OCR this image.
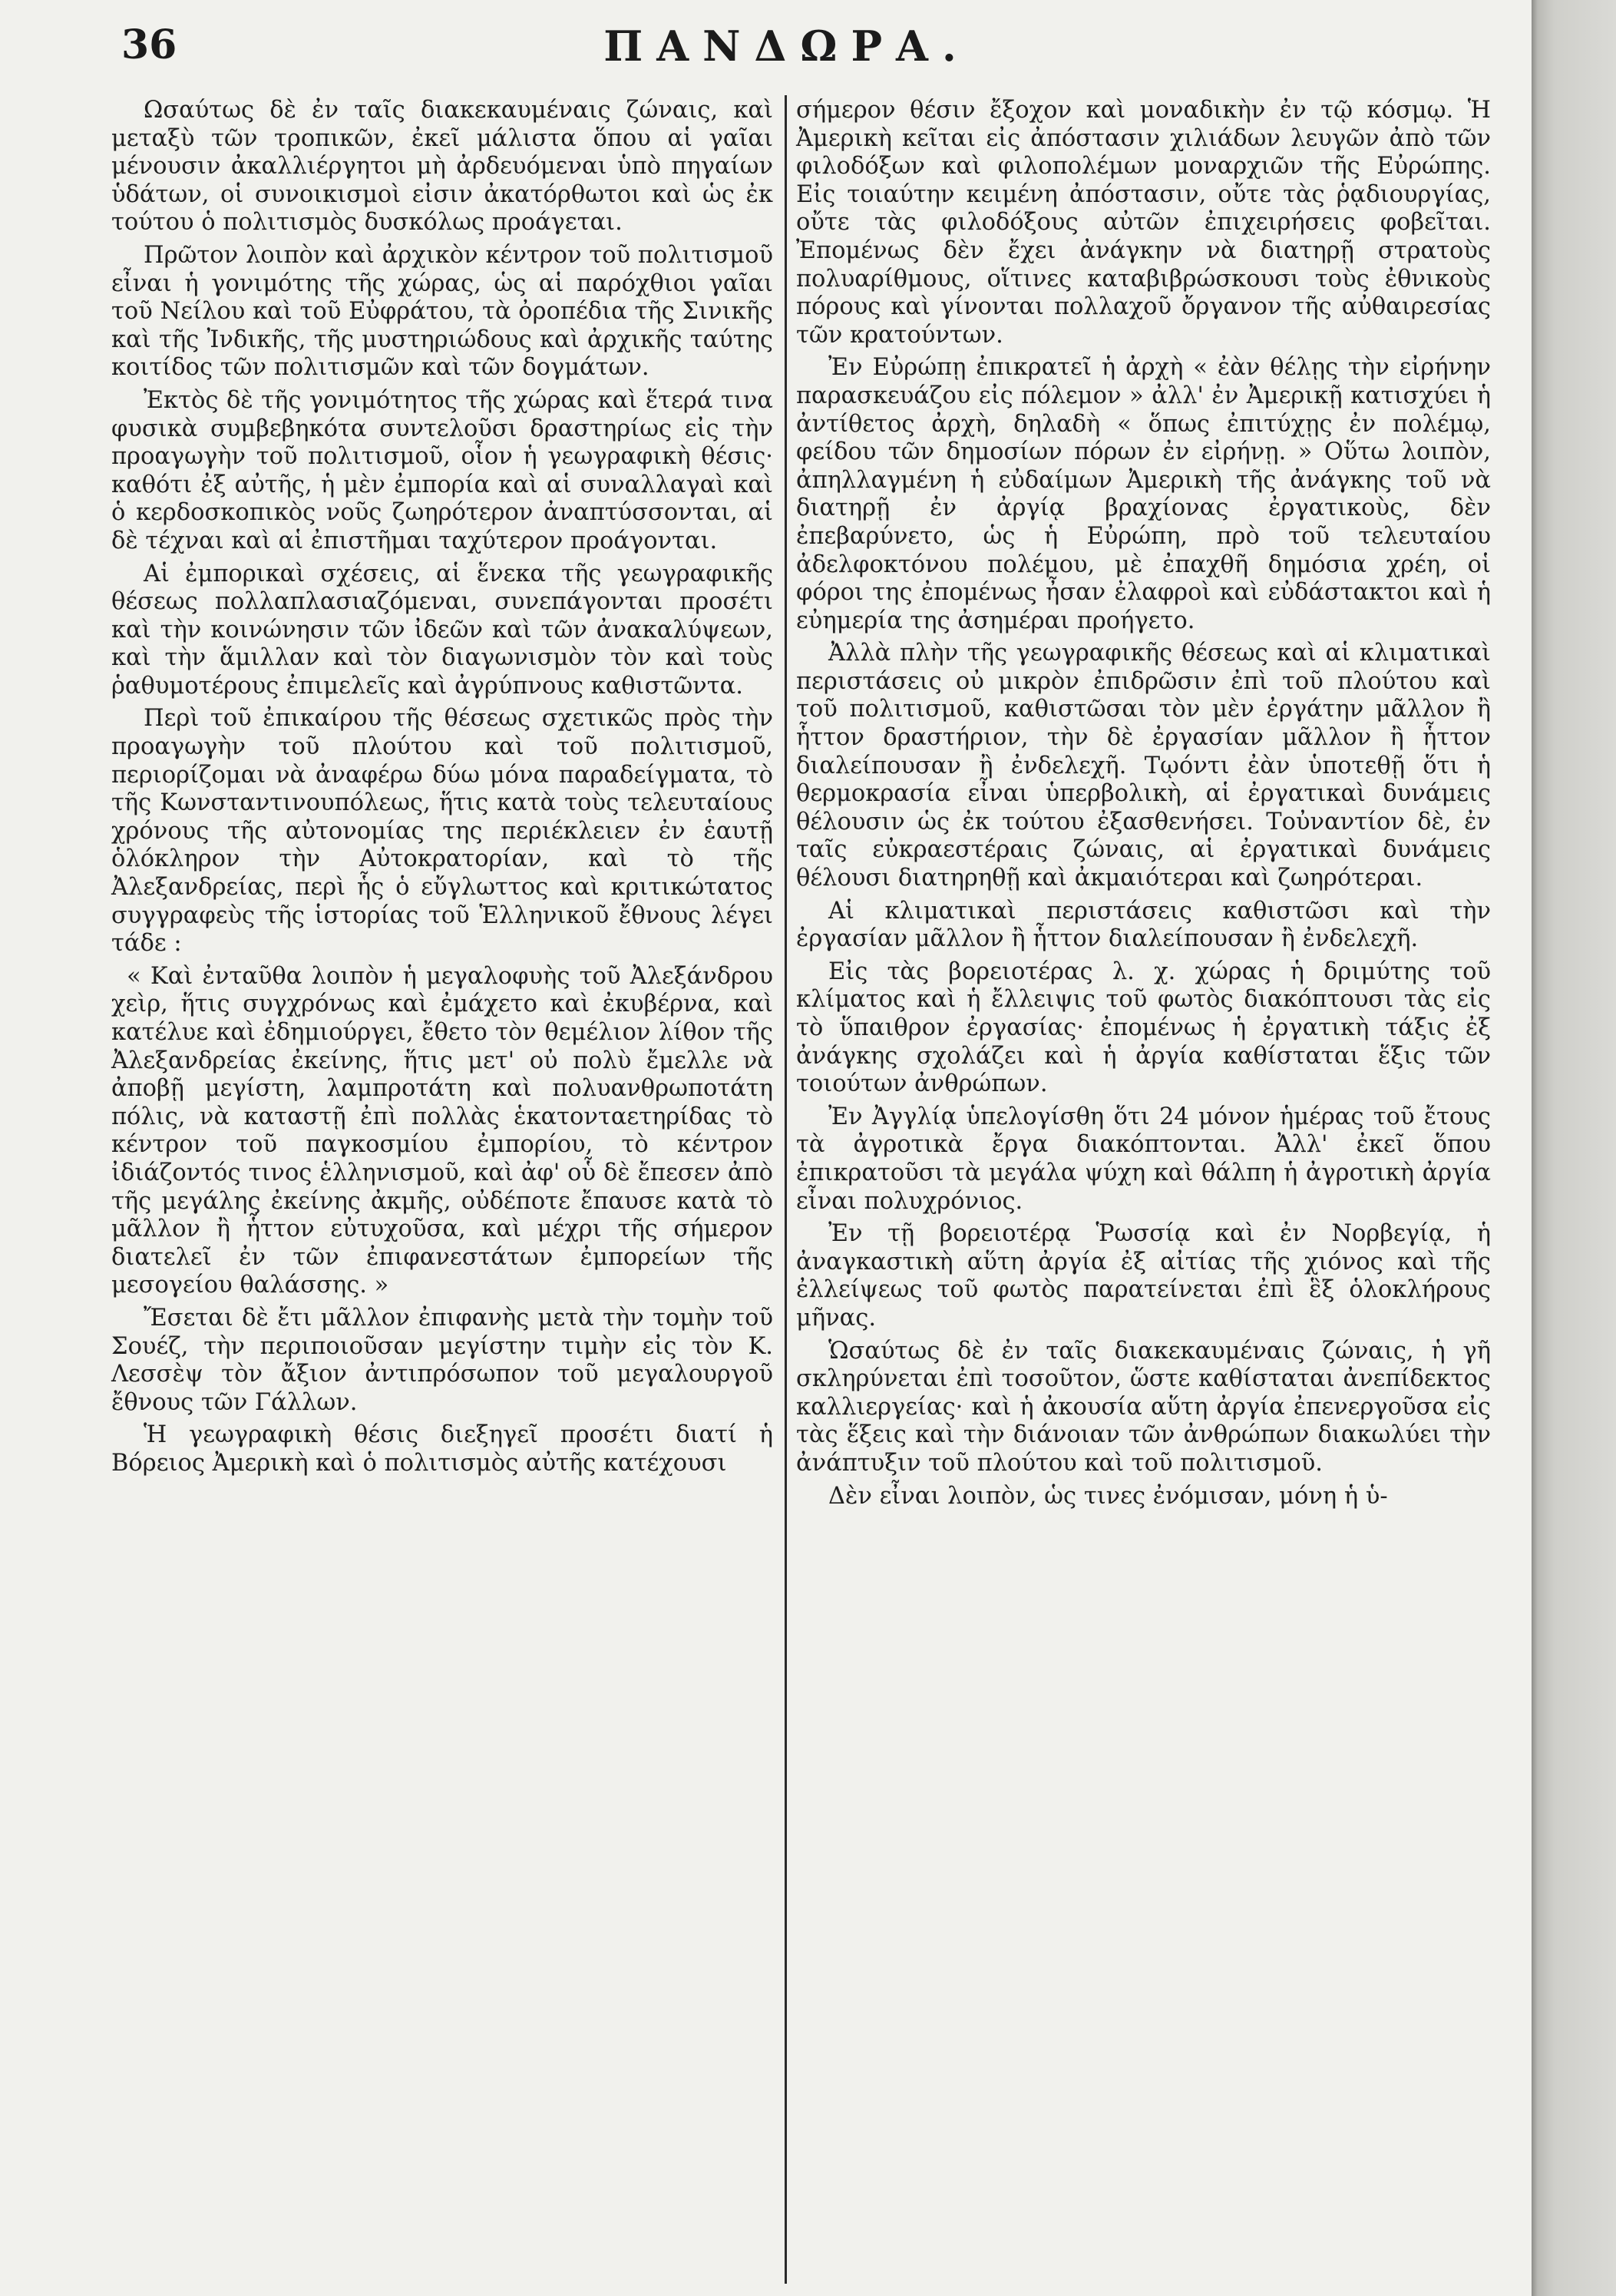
36	ΠΑΝΔΩΡΑ.

Ωσαύτως δὲ ἐν ταῖς διακεκαυμέναις ζώναις, καὶ μεταξὺ τῶν τροπικῶν, ἐκεῖ μάλιστα ὅπου αἱ γαῖαι μένουσιν ἀκαλλιέργητοι μὴ ἀρδευόμεναι ὑπὸ πηγαίων ὑδάτων, οἱ συνοικισμοὶ εἰσιν ἀκατόρθωτοι καὶ ὡς ἐκ τούτου ὁ πολιτισμὸς δυσκόλως προάγεται.

Πρῶτον λοιπὸν καὶ ἀρχικὸν κέντρον τοῦ πολιτισμοῦ εἶναι ἡ γονιμότης τῆς χώρας, ὡς αἱ παρόχθιοι γαῖαι τοῦ Νείλου καὶ τοῦ Εὐφράτου, τὰ ὀροπέδια τῆς Σινικῆς καὶ τῆς Ἰνδικῆς, τῆς μυστηριώδους καὶ ἀρχικῆς ταύτης κοιτίδος τῶν πολιτισμῶν καὶ τῶν δογμάτων.

Ἐκτὸς δὲ τῆς γονιμότητος τῆς χώρας καὶ ἕτερά τινα φυσικὰ συμβεβηκότα συντελοῦσι δραστηρίως εἰς τὴν προαγωγὴν τοῦ πολιτισμοῦ, οἷον ἡ γεωγραφικὴ θέσις· καθότι ἐξ αὐτῆς, ἡ μὲν ἐμπορία καὶ αἱ συναλλαγαὶ καὶ ὁ κερδοσκοπικὸς νοῦς ζωηρότερον ἀναπτύσσονται, αἱ δὲ τέχναι καὶ αἱ ἐπιστῆμαι ταχύτερον προάγονται.

Αἱ ἐμπορικαὶ σχέσεις, αἱ ἕνεκα τῆς γεωγραφικῆς θέσεως πολλαπλασιαζόμεναι, συνεπάγονται προσέτι καὶ τὴν κοινώνησιν τῶν ἰδεῶν καὶ τῶν ἀνακαλύψεων, καὶ τὴν ἅμιλλαν καὶ τὸν διαγωνισμὸν τὸν καὶ τοὺς ῥαθυμοτέρους ἐπιμελεῖς καὶ ἀγρύπνους καθιστῶντα.

Περὶ τοῦ ἐπικαίρου τῆς θέσεως σχετικῶς πρὸς τὴν προαγωγὴν τοῦ πλούτου καὶ τοῦ πολιτισμοῦ, περιορίζομαι νὰ ἀναφέρω δύω μόνα παραδείγματα, τὸ τῆς Κωνσταντινουπόλεως, ἥτις κατὰ τοὺς τελευταίους χρόνους τῆς αὐτονομίας της περιέκλειεν ἐν ἑαυτῇ ὁλόκληρον τὴν Αὐτοκρατορίαν, καὶ τὸ τῆς Ἀλεξανδρείας, περὶ ἧς ὁ εὔγλωττος καὶ κριτικώτατος συγγραφεὺς τῆς ἱστορίας τοῦ Ἑλληνικοῦ ἔθνους λέγει τάδε :

« Καὶ ἐνταῦθα λοιπὸν ἡ μεγαλοφυὴς τοῦ Ἀλεξάνδρου χεὶρ, ἥτις συγχρόνως καὶ ἐμάχετο καὶ ἐκυβέρνα, καὶ κατέλυε καὶ ἐδημιούργει, ἔθετο τὸν θεμέλιον λίθον τῆς Ἀλεξανδρείας ἐκείνης, ἥτις μετ' οὐ πολὺ ἔμελλε νὰ ἀποβῇ μεγίστη, λαμπροτάτη καὶ πολυανθρωποτάτη πόλις, νὰ καταστῇ ἐπὶ πολλὰς ἑκατονταετηρίδας τὸ κέντρον τοῦ παγκοσμίου ἐμπορίου, τὸ κέντρον ἰδιάζοντός τινος ἑλληνισμοῦ, καὶ ἀφ' οὗ δὲ ἔπεσεν ἀπὸ τῆς μεγάλης ἐκείνης ἀκμῆς, οὐδέποτε ἔπαυσε κατὰ τὸ μᾶλλον ἢ ἧττον εὐτυχοῦσα, καὶ μέχρι τῆς σήμερον διατελεῖ ἐν τῶν ἐπιφανεστάτων ἐμπορείων τῆς μεσογείου θαλάσσης. »

Ἔσεται δὲ ἔτι μᾶλλον ἐπιφανὴς μετὰ τὴν τομὴν τοῦ Σουέζ, τὴν περιποιοῦσαν μεγίστην τιμὴν εἰς τὸν Κ. Λεσσὲψ τὸν ἄξιον ἀντιπρόσωπον τοῦ μεγαλουργοῦ ἔθνους τῶν Γάλλων.

Ἡ γεωγραφικὴ θέσις διεξηγεῖ προσέτι διατί ἡ Βόρειος Ἀμερικὴ καὶ ὁ πολιτισμὸς αὐτῆς κατέχουσι

σήμερον θέσιν ἔξοχον καὶ μοναδικὴν ἐν τῷ κόσμῳ. Ἡ Ἀμερικὴ κεῖται εἰς ἀπόστασιν χιλιάδων λευγῶν ἀπὸ τῶν φιλοδόξων καὶ φιλοπολέμων μοναρχιῶν τῆς Εὐρώπης. Εἰς τοιαύτην κειμένη ἀπόστασιν, οὔτε τὰς ῥᾳδιουργίας, οὔτε τὰς φιλοδόξους αὐτῶν ἐπιχειρήσεις φοβεῖται. Ἐπομένως δὲν ἔχει ἀνάγκην νὰ διατηρῇ στρατοὺς πολυαρίθμους, οἵτινες καταβιβρώσκουσι τοὺς ἐθνικοὺς πόρους καὶ γίνονται πολλαχοῦ ὄργανον τῆς αὐθαιρεσίας τῶν κρατούντων.

Ἐν Εὐρώπῃ ἐπικρατεῖ ἡ ἀρχὴ « ἐὰν θέλῃς τὴν εἰρήνην παρασκευάζου εἰς πόλεμον » ἀλλ' ἐν Ἀμερικῇ κατισχύει ἡ ἀντίθετος ἀρχὴ, δηλαδὴ « ὅπως ἐπιτύχῃς ἐν πολέμῳ, φείδου τῶν δημοσίων πόρων ἐν εἰρήνῃ. » Οὕτω λοιπὸν, ἀπηλλαγμένη ἡ εὐδαίμων Ἀμερικὴ τῆς ἀνάγκης τοῦ νὰ διατηρῇ ἐν ἀργίᾳ βραχίονας ἐργατικοὺς, δὲν ἐπεβαρύνετο, ὡς ἡ Εὐρώπη, πρὸ τοῦ τελευταίου ἀδελφοκτόνου πολέμου, μὲ ἐπαχθῆ δημόσια χρέη, οἱ φόροι της ἐπομένως ἦσαν ἐλαφροὶ καὶ εὐδάστακτοι καὶ ἡ εὐημερία της ἀσημέραι προήγετο.

Ἀλλὰ πλὴν τῆς γεωγραφικῆς θέσεως καὶ αἱ κλιματικαὶ περιστάσεις οὐ μικρὸν ἐπιδρῶσιν ἐπὶ τοῦ πλούτου καὶ τοῦ πολιτισμοῦ, καθιστῶσαι τὸν μὲν ἐργάτην μᾶλλον ἢ ἧττον δραστήριον, τὴν δὲ ἐργασίαν μᾶλλον ἢ ἧττον διαλείπουσαν ἢ ἐνδελεχῆ. Τῳόντι ἐὰν ὑποτεθῇ ὅτι ἡ θερμοκρασία εἶναι ὑπερβολικὴ, αἱ ἐργατικαὶ δυνάμεις θέλουσιν ὡς ἐκ τούτου ἐξασθενήσει. Τοὐναντίον δὲ, ἐν ταῖς εὐκραεστέραις ζώναις, αἱ ἐργατικαὶ δυνάμεις θέλουσι διατηρηθῇ καὶ ἀκμαιότεραι καὶ ζωηρότεραι.

Αἱ κλιματικαὶ περιστάσεις καθιστῶσι καὶ τὴν ἐργασίαν μᾶλλον ἢ ἧττον διαλείπουσαν ἢ ἐνδελεχῆ.

Εἰς τὰς βορειοτέρας λ. χ. χώρας ἡ δριμύτης τοῦ κλίματος καὶ ἡ ἔλλειψις τοῦ φωτὸς διακόπτουσι τὰς εἰς τὸ ὕπαιθρον ἐργασίας· ἐπομένως ἡ ἐργατικὴ τάξις ἐξ ἀνάγκης σχολάζει καὶ ἡ ἀργία καθίσταται ἕξις τῶν τοιούτων ἀνθρώπων.

Ἐν Ἀγγλίᾳ ὑπελογίσθη ὅτι 24 μόνον ἡμέρας τοῦ ἔτους τὰ ἀγροτικὰ ἔργα διακόπτονται. Ἀλλ' ἐκεῖ ὅπου ἐπικρατοῦσι τὰ μεγάλα ψύχη καὶ θάλπη ἡ ἀγροτικὴ ἀργία εἶναι πολυχρόνιος.

Ἐν τῇ βορειοτέρᾳ Ῥωσσίᾳ καὶ ἐν Νορβεγίᾳ, ἡ ἀναγκαστικὴ αὕτη ἀργία ἐξ αἰτίας τῆς χιόνος καὶ τῆς ἐλλείψεως τοῦ φωτὸς παρατείνεται ἐπὶ ἓξ ὁλοκλήρους μῆνας.

Ὡσαύτως δὲ ἐν ταῖς διακεκαυμέναις ζώναις, ἡ γῆ σκληρύνεται ἐπὶ τοσοῦτον, ὥστε καθίσταται ἀνεπίδεκτος καλλιεργείας· καὶ ἡ ἀκουσία αὕτη ἀργία ἐπενεργοῦσα εἰς τὰς ἕξεις καὶ τὴν διάνοιαν τῶν ἀνθρώπων διακωλύει τὴν ἀνάπτυξιν τοῦ πλούτου καὶ τοῦ πολιτισμοῦ.

Δὲν εἶναι λοιπὸν, ὡς τινες ἐνόμισαν, μόνη ἡ ὑ-
